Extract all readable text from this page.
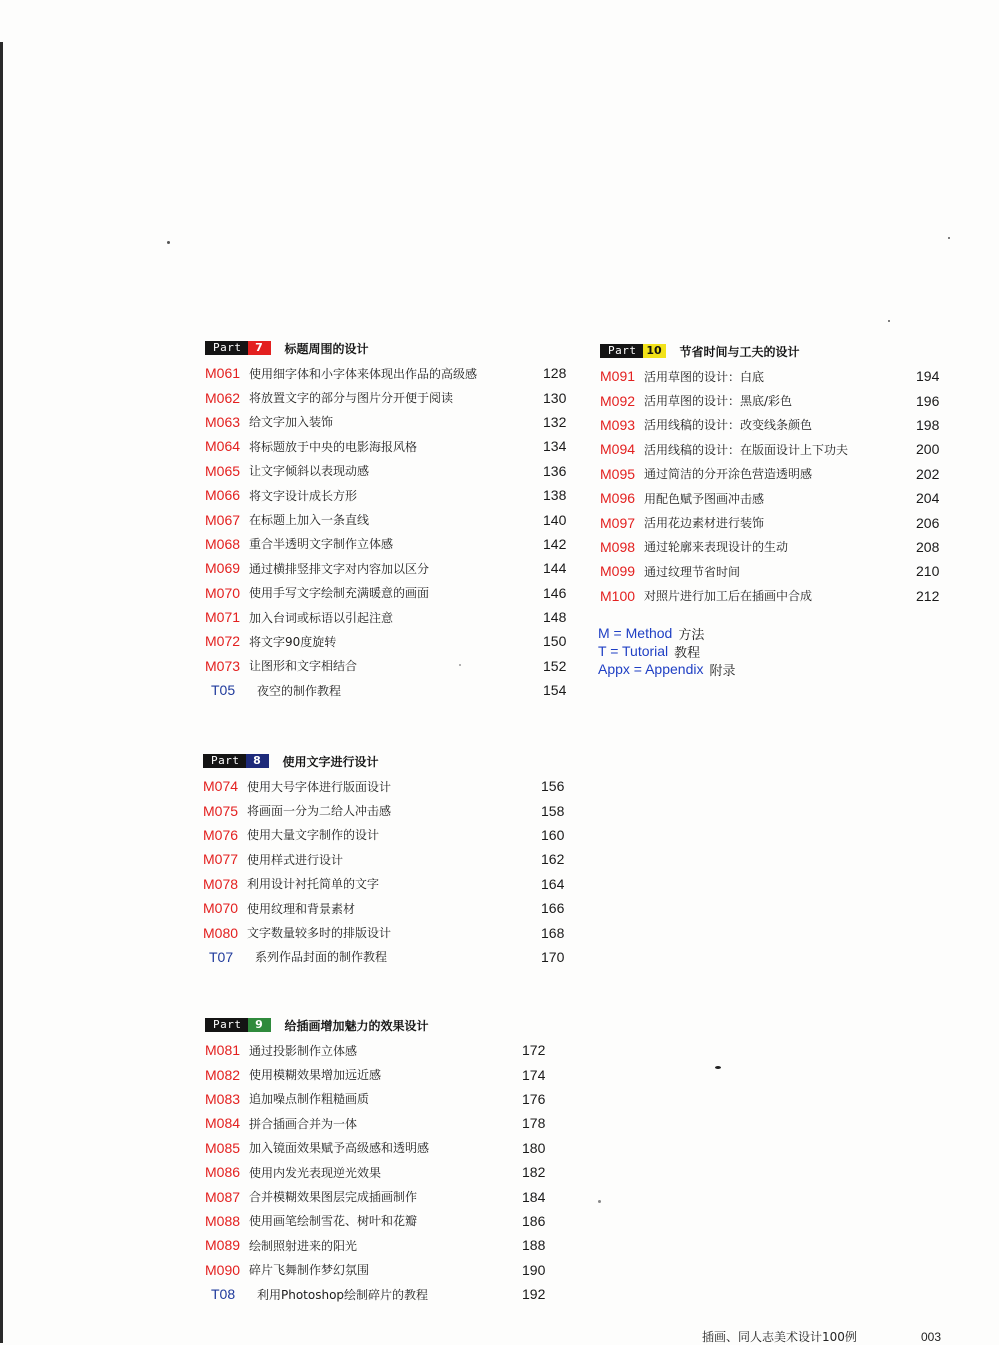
Part	7	标题周围的设计
M061 使用细字体和小字体来体现出作品的高级感	128
M062 将放置文字的部分与图片分开便于阅读	130
M063 给文字加入装饰	132
M064 将标题放于中央的电影海报风格	134
M065 让文字倾斜以表现动感	136
M066 将文字设计成长方形	138
M067 在标题上加入一条直线	140
M068 重合半透明文字制作立体感	142
M069 通过横排竖排文字对内容加以区分	144
M070 使用手写文字绘制充满暖意的画面	146
M071 加入台词或标语以引起注意	148
M072 将文字90度旋转	150
M073 让图形和文字相结合	152
T05	夜空的制作教程	154
Part	8	使用文字进行设计
M074 使用大号字体进行版面设计	156
M075 将画面一分为二给人冲击感	158
M076 使用大量文字制作的设计	160
M077 使用样式进行设计	162
M078 利用设计衬托简单的文字	164
M070 使用纹理和背景素材	166
M080 文字数量较多时的排版设计	168
T07	系列作品封面的制作教程	170
Part	9	给插画增加魅力的效果设计
M081 通过投影制作立体感	172
M082 使用模糊效果增加远近感	174
M083 追加噪点制作粗糙画质	176
M084 拼合插画合并为一体	178
M085 加入镜面效果赋予高级感和透明感	180
M086 使用内发光表现逆光效果	182
M087 合并模糊效果图层完成插画制作	184
M088 使用画笔绘制雪花、树叶和花瓣	186
M089 绘制照射进来的阳光	188
M090 碎片飞舞制作梦幻氛围	190
T08	利用Photoshop绘制碎片的教程	192
Part 10	节省时间与工夫的设计
M091 活用草图的设计：白底	194
M092 活用草图的设计：黑底/彩色	196
M093 活用线稿的设计：改变线条颜色	198
M094 活用线稿的设计：在版面设计上下功夫	200
M095 通过简洁的分开涂色营造透明感	202
M096 用配色赋予图画冲击感	204
M097 活用花边素材进行装饰	206
M098 通过轮廓来表现设计的生动	208
M099 通过纹理节省时间	210
M100 对照片进行加工后在插画中合成	212
M = Method 方法
T = Tutorial 教程
Appx = Appendix 附录
插画、同人志美术设计100例	003
